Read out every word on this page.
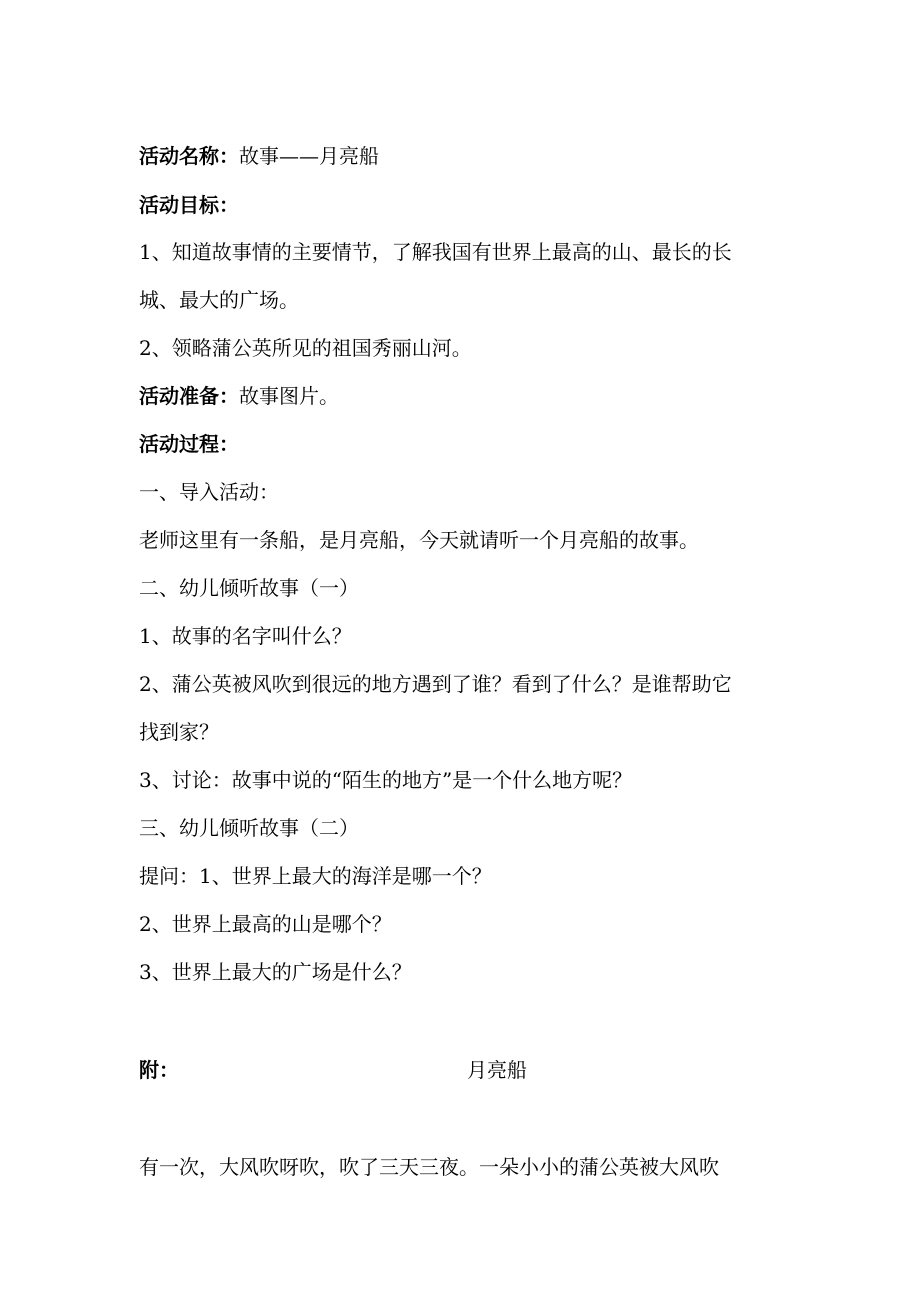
活动名称：故事——月亮船
活动目标：
1、知道故事情的主要情节，了解我国有世界上最高的山、最长的长
城、最大的广场。
2、领略蒲公英所见的祖国秀丽山河。
活动准备：故事图片。
活动过程：
一、导入活动：
老师这里有一条船，是月亮船，今天就请听一个月亮船的故事。
二、幼儿倾听故事（一）
1、故事的名字叫什么？
2、蒲公英被风吹到很远的地方遇到了谁？看到了什么？是谁帮助它
找到家？
3、讨论：故事中说的“陌生的地方”是一个什么地方呢？
三、幼儿倾听故事（二）
提问：1、世界上最大的海洋是哪一个？
2、世界上最高的山是哪个？
3、世界上最大的广场是什么？
附：	月亮船
有一次，大风吹呀吹，吹了三天三夜。一朵小小的蒲公英被大风吹
